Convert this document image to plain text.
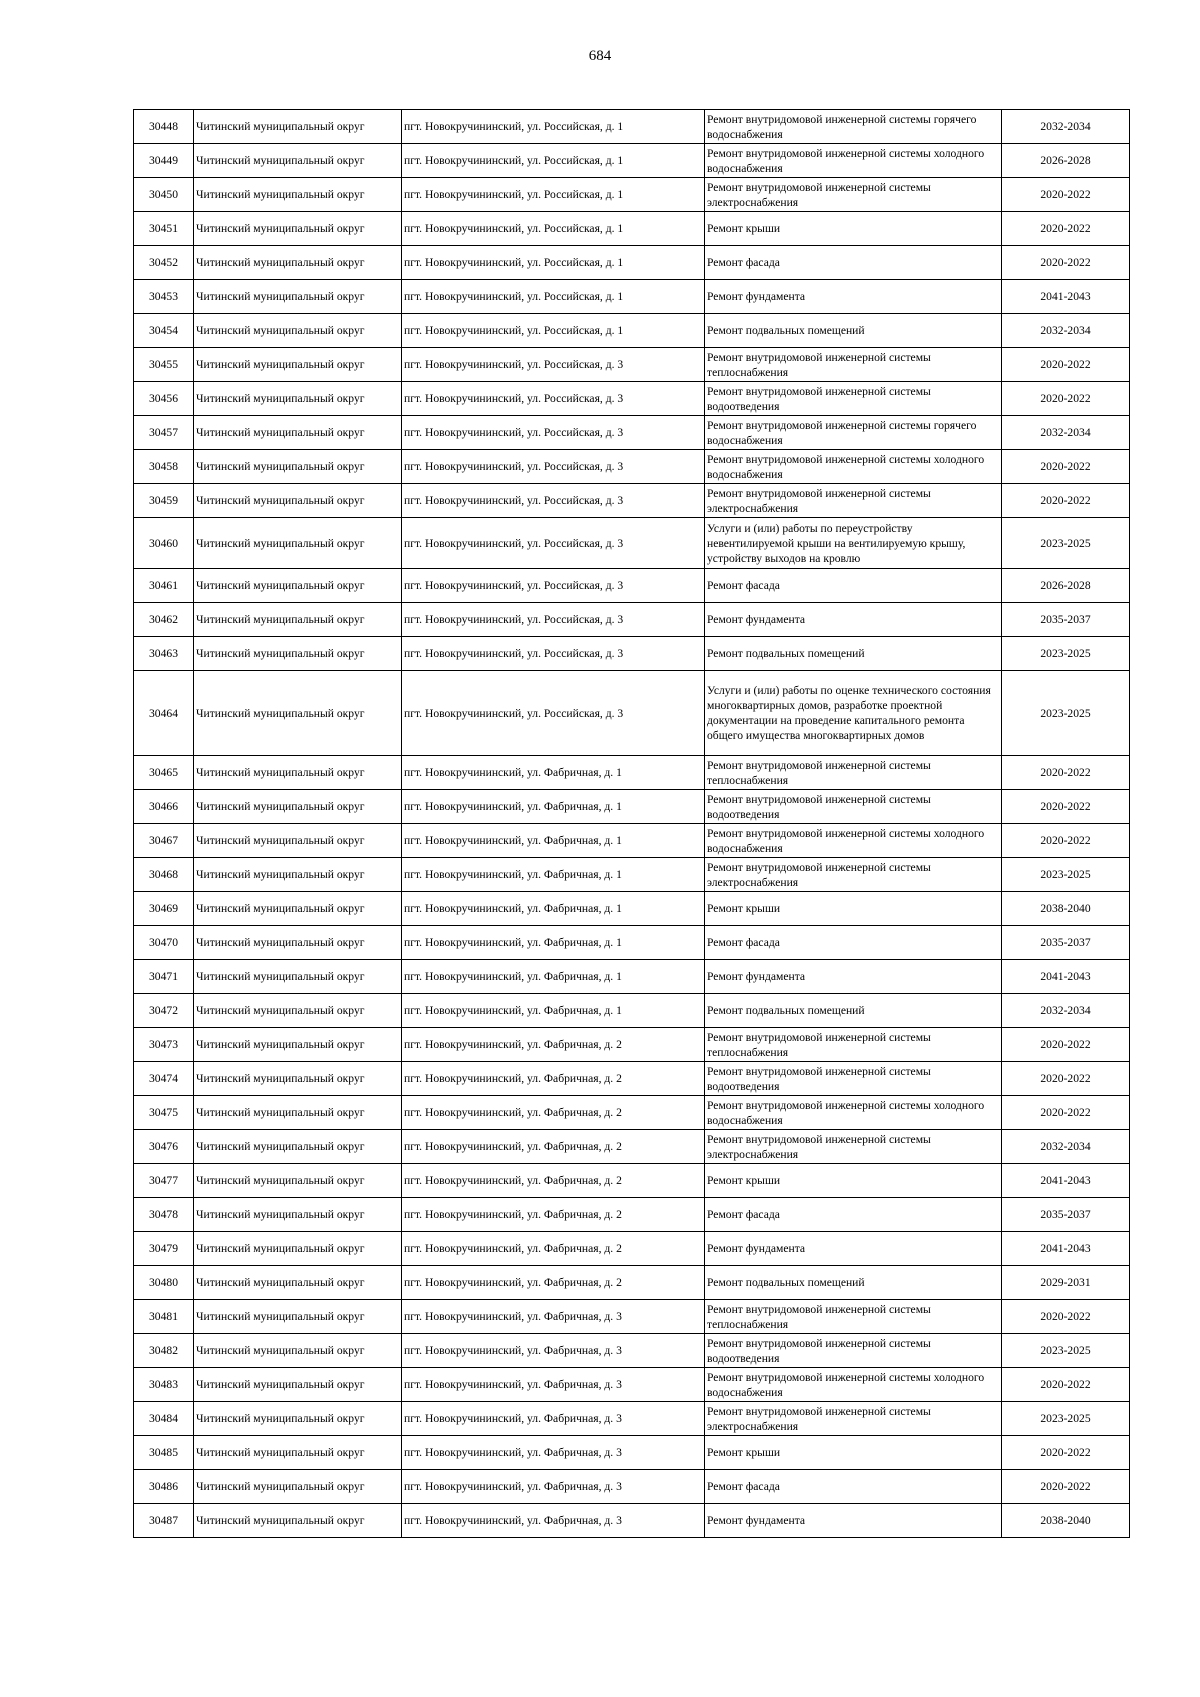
684
30448	Читинский муниципальный округ	пгт. Новокручининский, ул. Российская, д. 1	Ремонт внутридомовой инженерной системы горячего водоснабжения	2032-2034
30449	Читинский муниципальный округ	пгт. Новокручининский, ул. Российская, д. 1	Ремонт внутридомовой инженерной системы холодного водоснабжения	2026-2028
30450	Читинский муниципальный округ	пгт. Новокручининский, ул. Российская, д. 1	Ремонт внутридомовой инженерной системы электроснабжения	2020-2022
30451	Читинский муниципальный округ	пгт. Новокручининский, ул. Российская, д. 1	Ремонт крыши	2020-2022
30452	Читинский муниципальный округ	пгт. Новокручининский, ул. Российская, д. 1	Ремонт фасада	2020-2022
30453	Читинский муниципальный округ	пгт. Новокручининский, ул. Российская, д. 1	Ремонт фундамента	2041-2043
30454	Читинский муниципальный округ	пгт. Новокручининский, ул. Российская, д. 1	Ремонт подвальных помещений	2032-2034
30455	Читинский муниципальный округ	пгт. Новокручининский, ул. Российская, д. 3	Ремонт внутридомовой инженерной системы теплоснабжения	2020-2022
30456	Читинский муниципальный округ	пгт. Новокручининский, ул. Российская, д. 3	Ремонт внутридомовой инженерной системы водоотведения	2020-2022
30457	Читинский муниципальный округ	пгт. Новокручининский, ул. Российская, д. 3	Ремонт внутридомовой инженерной системы горячего водоснабжения	2032-2034
30458	Читинский муниципальный округ	пгт. Новокручининский, ул. Российская, д. 3	Ремонт внутридомовой инженерной системы холодного водоснабжения	2020-2022
30459	Читинский муниципальный округ	пгт. Новокручининский, ул. Российская, д. 3	Ремонт внутридомовой инженерной системы электроснабжения	2020-2022
30460	Читинский муниципальный округ	пгт. Новокручининский, ул. Российская, д. 3	Услуги и (или) работы по переустройству невентилируемой крыши на вентилируемую крышу, устройству выходов на кровлю	2023-2025
30461	Читинский муниципальный округ	пгт. Новокручининский, ул. Российская, д. 3	Ремонт фасада	2026-2028
30462	Читинский муниципальный округ	пгт. Новокручининский, ул. Российская, д. 3	Ремонт фундамента	2035-2037
30463	Читинский муниципальный округ	пгт. Новокручининский, ул. Российская, д. 3	Ремонт подвальных помещений	2023-2025
30464	Читинский муниципальный округ	пгт. Новокручининский, ул. Российская, д. 3	Услуги и (или) работы по оценке технического состояния многоквартирных домов, разработке проектной документации на проведение капитального ремонта общего имущества многоквартирных домов	2023-2025
30465	Читинский муниципальный округ	пгт. Новокручининский, ул. Фабричная, д. 1	Ремонт внутридомовой инженерной системы теплоснабжения	2020-2022
30466	Читинский муниципальный округ	пгт. Новокручининский, ул. Фабричная, д. 1	Ремонт внутридомовой инженерной системы водоотведения	2020-2022
30467	Читинский муниципальный округ	пгт. Новокручининский, ул. Фабричная, д. 1	Ремонт внутридомовой инженерной системы холодного водоснабжения	2020-2022
30468	Читинский муниципальный округ	пгт. Новокручининский, ул. Фабричная, д. 1	Ремонт внутридомовой инженерной системы электроснабжения	2023-2025
30469	Читинский муниципальный округ	пгт. Новокручининский, ул. Фабричная, д. 1	Ремонт крыши	2038-2040
30470	Читинский муниципальный округ	пгт. Новокручининский, ул. Фабричная, д. 1	Ремонт фасада	2035-2037
30471	Читинский муниципальный округ	пгт. Новокручининский, ул. Фабричная, д. 1	Ремонт фундамента	2041-2043
30472	Читинский муниципальный округ	пгт. Новокручининский, ул. Фабричная, д. 1	Ремонт подвальных помещений	2032-2034
30473	Читинский муниципальный округ	пгт. Новокручининский, ул. Фабричная, д. 2	Ремонт внутридомовой инженерной системы теплоснабжения	2020-2022
30474	Читинский муниципальный округ	пгт. Новокручининский, ул. Фабричная, д. 2	Ремонт внутридомовой инженерной системы водоотведения	2020-2022
30475	Читинский муниципальный округ	пгт. Новокручининский, ул. Фабричная, д. 2	Ремонт внутридомовой инженерной системы холодного водоснабжения	2020-2022
30476	Читинский муниципальный округ	пгт. Новокручининский, ул. Фабричная, д. 2	Ремонт внутридомовой инженерной системы электроснабжения	2032-2034
30477	Читинский муниципальный округ	пгт. Новокручининский, ул. Фабричная, д. 2	Ремонт крыши	2041-2043
30478	Читинский муниципальный округ	пгт. Новокручининский, ул. Фабричная, д. 2	Ремонт фасада	2035-2037
30479	Читинский муниципальный округ	пгт. Новокручининский, ул. Фабричная, д. 2	Ремонт фундамента	2041-2043
30480	Читинский муниципальный округ	пгт. Новокручининский, ул. Фабричная, д. 2	Ремонт подвальных помещений	2029-2031
30481	Читинский муниципальный округ	пгт. Новокручининский, ул. Фабричная, д. 3	Ремонт внутридомовой инженерной системы теплоснабжения	2020-2022
30482	Читинский муниципальный округ	пгт. Новокручининский, ул. Фабричная, д. 3	Ремонт внутридомовой инженерной системы водоотведения	2023-2025
30483	Читинский муниципальный округ	пгт. Новокручининский, ул. Фабричная, д. 3	Ремонт внутридомовой инженерной системы холодного водоснабжения	2020-2022
30484	Читинский муниципальный округ	пгт. Новокручининский, ул. Фабричная, д. 3	Ремонт внутридомовой инженерной системы электроснабжения	2023-2025
30485	Читинский муниципальный округ	пгт. Новокручининский, ул. Фабричная, д. 3	Ремонт крыши	2020-2022
30486	Читинский муниципальный округ	пгт. Новокручининский, ул. Фабричная, д. 3	Ремонт фасада	2020-2022
30487	Читинский муниципальный округ	пгт. Новокручининский, ул. Фабричная, д. 3	Ремонт фундамента	2038-2040
